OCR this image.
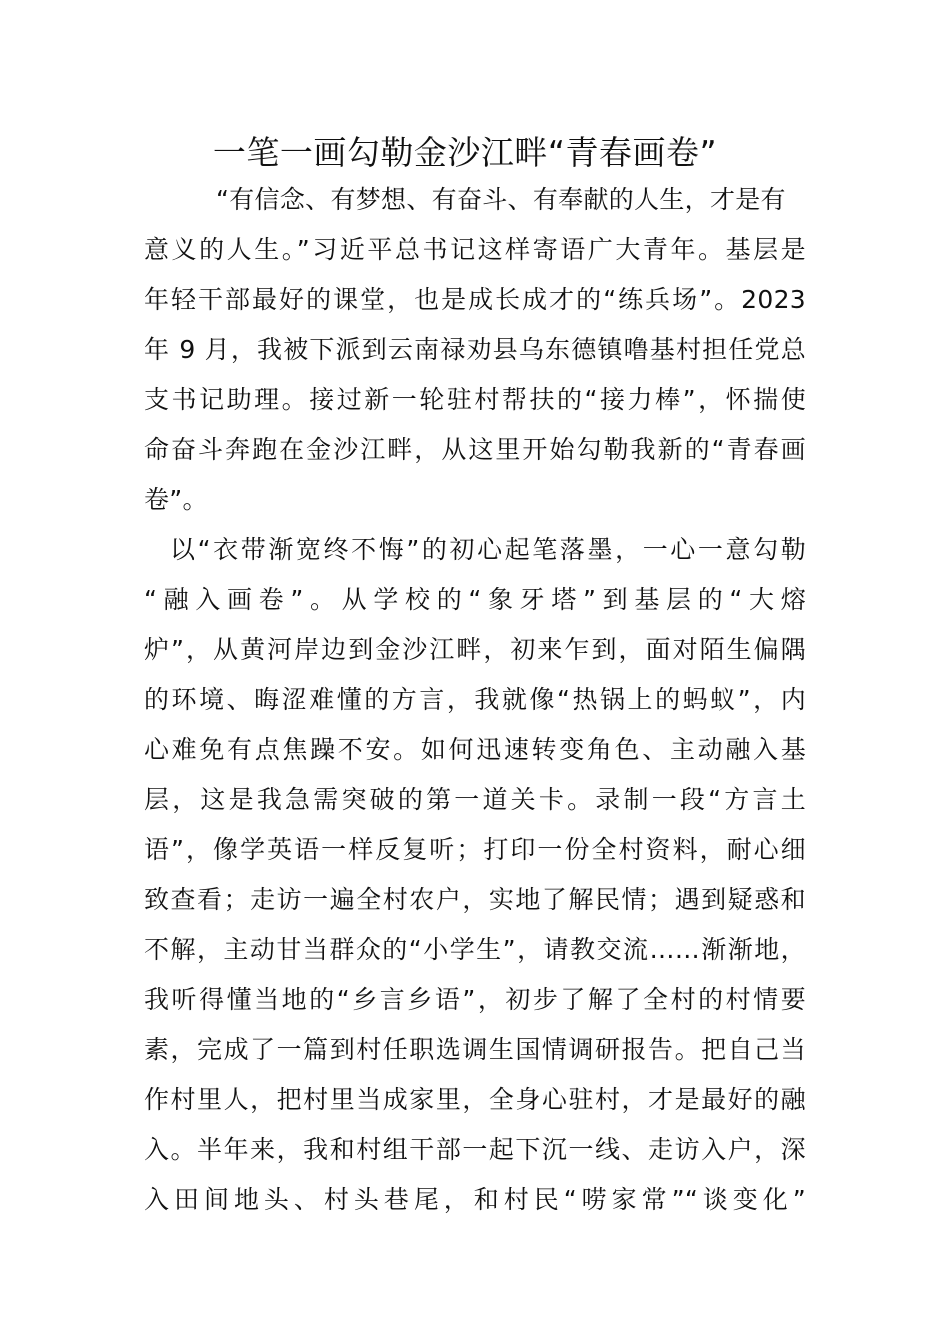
一笔一画勾勒金沙江畔“青春画卷”
“有信念、有梦想、有奋斗、有奉献的人生，才是有
意义的人生。”习近平总书记这样寄语广大青年。基层是
年轻干部最好的课堂，也是成长成才的“练兵场”。2023
年 9 月，我被下派到云南禄劝县乌东德镇噜基村担任党总
支书记助理。接过新一轮驻村帮扶的“接力棒”，怀揣使
命奋斗奔跑在金沙江畔，从这里开始勾勒我新的“青春画
卷”。
以“衣带渐宽终不悔”的初心起笔落墨，一心一意勾勒
“融入画卷”。从学校的“象牙塔”到基层的“大熔
炉”，从黄河岸边到金沙江畔，初来乍到，面对陌生偏隅
的环境、晦涩难懂的方言，我就像“热锅上的蚂蚁”，内
心难免有点焦躁不安。如何迅速转变角色、主动融入基
层，这是我急需突破的第一道关卡。录制一段“方言土
语”，像学英语一样反复听；打印一份全村资料，耐心细
致查看；走访一遍全村农户，实地了解民情；遇到疑惑和
不解，主动甘当群众的“小学生”，请教交流……渐渐地，
我听得懂当地的“乡言乡语”，初步了解了全村的村情要
素，完成了一篇到村任职选调生国情调研报告。把自己当
作村里人，把村里当成家里，全身心驻村，才是最好的融
入。半年来，我和村组干部一起下沉一线、走访入户，深
入田间地头、村头巷尾，和村民“唠家常”“谈变化”
